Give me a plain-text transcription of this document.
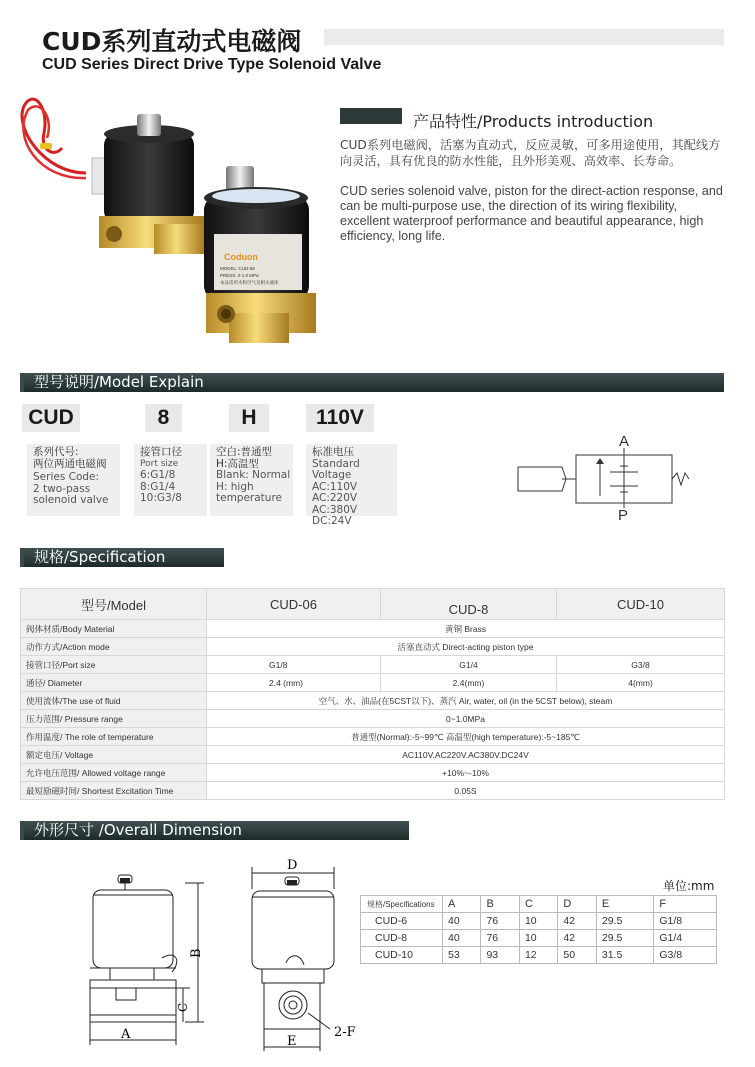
CUD系列直动式电磁阀
CUD Series Direct Drive Type Solenoid Valve
Coduon
MODEL: CUD-08
PRESS: 0-1.0 MPa
本品适用水和空气及相关液体
产品特性/Products introduction
CUD系列电磁阀，活塞为直动式，反应灵敏，可多用途使用，其配线方向灵活，具有优良的防水性能，且外形美观、高效率、长寿命。
CUD series solenoid valve, piston for the direct-action response, and can be multi-purpose use, the direction of its wiring flexibility, excellent waterproof performance and beautiful appearance, high efficiency, long life.
型号说明/Model Explain
CUD	8	H	110V
系列代号:
两位两通电磁阀
Series Code:
2 two-pass
solenoid valve
接管口径
Port size
6:G1/8
8:G1/4
10:G3/8
空白:普通型
H:高温型
Blank: Normal
H: high
temperature
标准电压
Standard Voltage
AC:110V
AC:220V
AC:380V
DC:24V
A
P
规格/Specification
型号/Model	CUD-06	CUD-8	CUD-10
阀体材质/Body Material	黄铜 Brass		
动作方式/Action mode	活塞直动式 Direct-acting piston type		
接管口径/Port size	G1/8	G1/4	G3/8
通径/ Diameter	2.4 (mm)	2.4(mm)	4(mm)
使用流体/The use of fluid	空气、水、油品(在5CST以下)、蒸汽 Air, water, oil (in the 5CST below), steam		
压力范围/ Pressure range	0~1.0MPa		
作用温度/ The role of temperature	普通型(Normal):-5~99℃ 高温型(high temperature):-5~185℃		
额定电压/ Voltage	AC110V.AC220V.AC380V.DC24V		
允许电压范围/ Allowed voltage range	+10%~-10%		
最短励磁时间/ Shortest Excitation Time	0.05S		
外形尺寸 /Overall Dimension
B
C
A
D
E
2-F
单位:mm
规格/Specifications	A	B	C	D	E	F
CUD-6	40	76	10	42	29.5	G1/8
CUD-8	40	76	10	42	29.5	G1/4
CUD-10	53	93	12	50	31.5	G3/8
